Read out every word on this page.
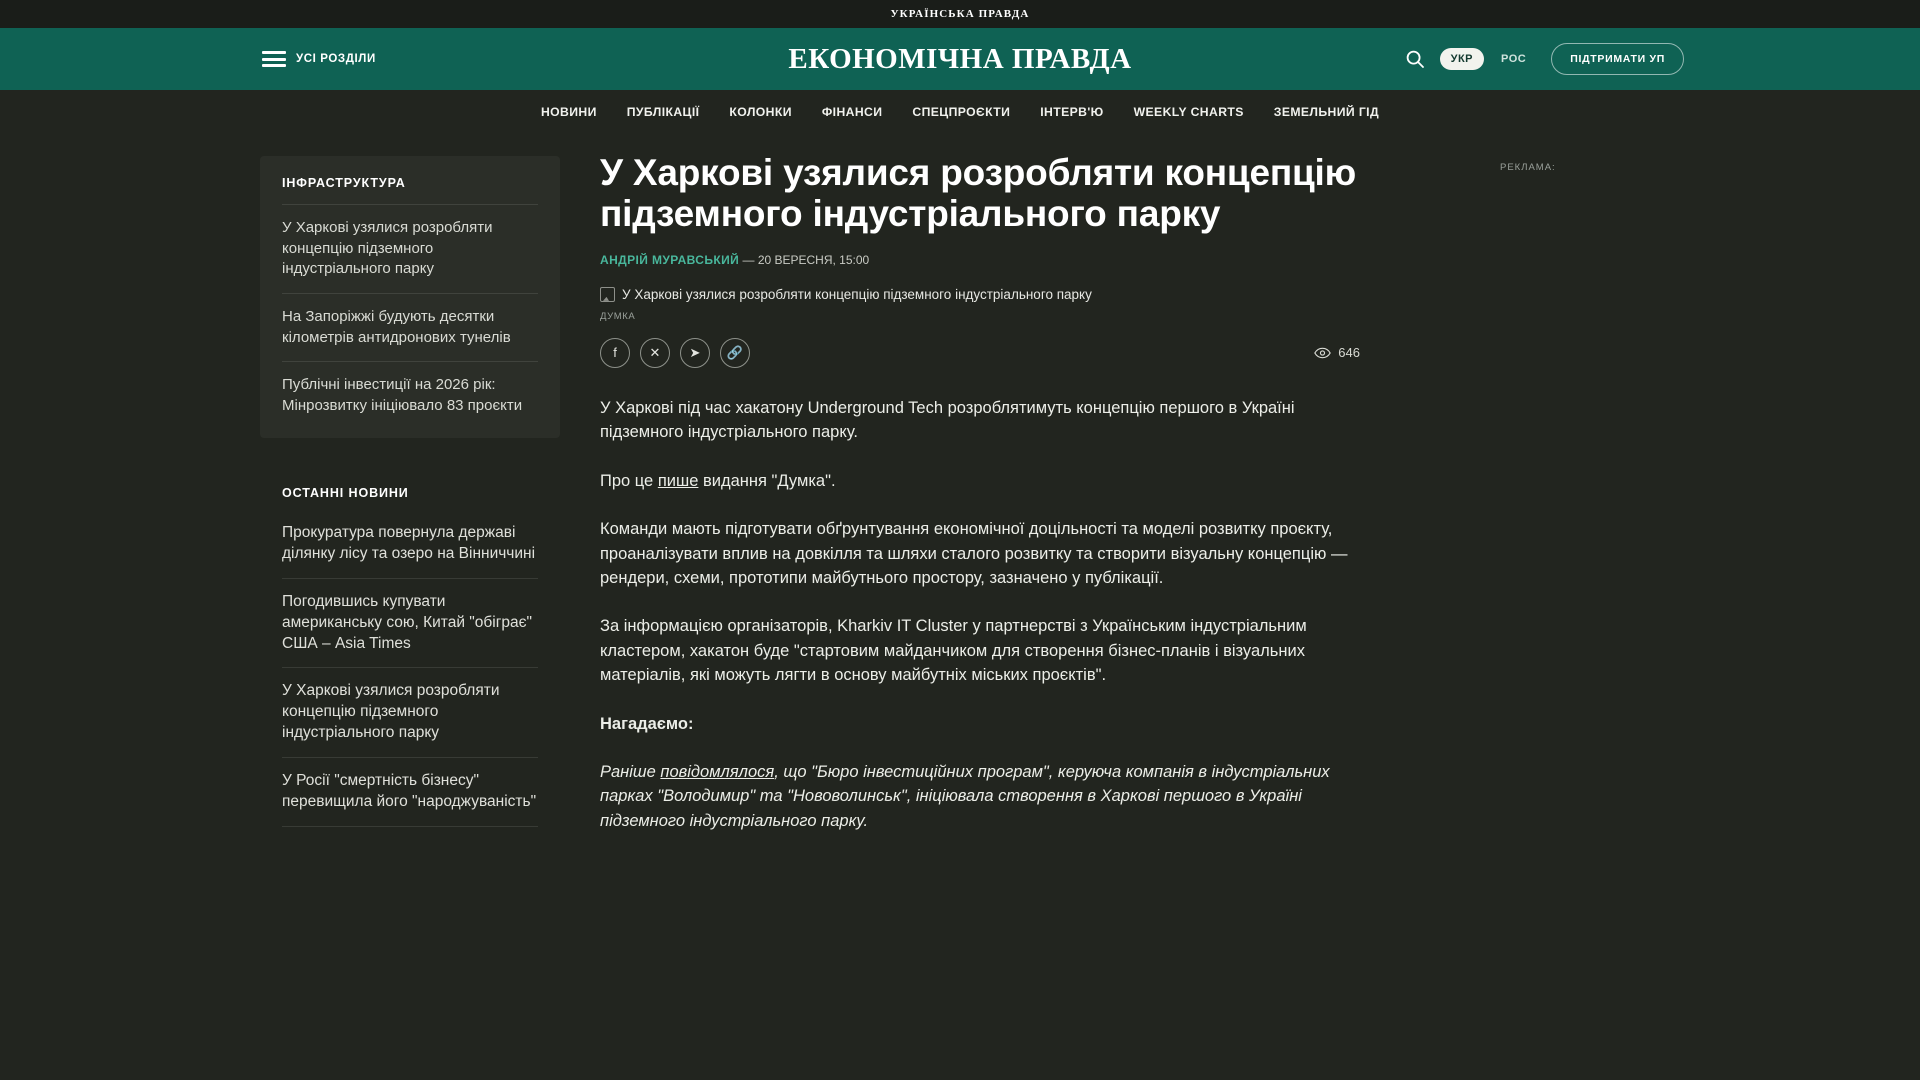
УКРАЇНСЬКА ПРАВДА
УСІ РОЗДІЛИ	ЕКОНОМІЧНА ПРАВДА	УКР	РОС	ПІДТРИМАТИ УП
НОВИНИ ПУБЛІКАЦІЇ КОЛОНКИ ФІНАНСИ СПЕЦПРОЄКТИ ІНТЕРВ'Ю WEEKLY CHARTS ЗЕМЕЛЬНИЙ ГІД
ІНФРАСТРУКТУРА
У Харкові узялися розробляти концепцію підземного індустріального парку
На Запоріжжі будують десятки кілометрів антидронових тунелів
Публічні інвестиції на 2026 рік: Мінрозвитку ініціювало 83 проєкти
ОСТАННІ НОВИНИ
Прокуратура повернула державі ділянку лісу та озеро на Вінниччині
Погодившись купувати американську сою, Китай "обіграє" США – Asia Times
У Харкові узялися розробляти концепцію підземного індустріального парку
У Росії "смертність бізнесу" перевищила його "народжуваність"
У Харкові узялися розробляти концепцію підземного індустріального парку
АНДРІЙ МУРАВСЬКИЙ — 20 ВЕРЕСНЯ, 15:00
У Харкові узялися розробляти концепцію підземного індустріального парку
ДУМКА
f	✕	➤	🔗	646

У Харкові під час хакатону Underground Tech розроблятимуть концепцію першого в Україні підземного індустріального парку.

Про це пише видання "Думка".

Команди мають підготувати обґрунтування економічної доцільності та моделі розвитку проєкту, проаналізувати вплив на довкілля та шляхи сталого розвитку та створити візуальну концепцію — рендери, схеми, прототипи майбутнього простору, зазначено у публікації.

За інформацією організаторів, Kharkiv IT Cluster у партнерстві з Українським індустріальним кластером, хакатон буде "стартовим майданчиком для створення бізнес-планів і візуальних матеріалів, які можуть лягти в основу майбутніх міських проєктів".

Нагадаємо:

Раніше повідомлялося, що "Бюро інвестиційних програм", керуюча компанія в індустріальних парках "Володимир" та "Нововолинськ", ініціювала створення в Харкові першого в Україні підземного індустріального парку.

РЕКЛАМА:
